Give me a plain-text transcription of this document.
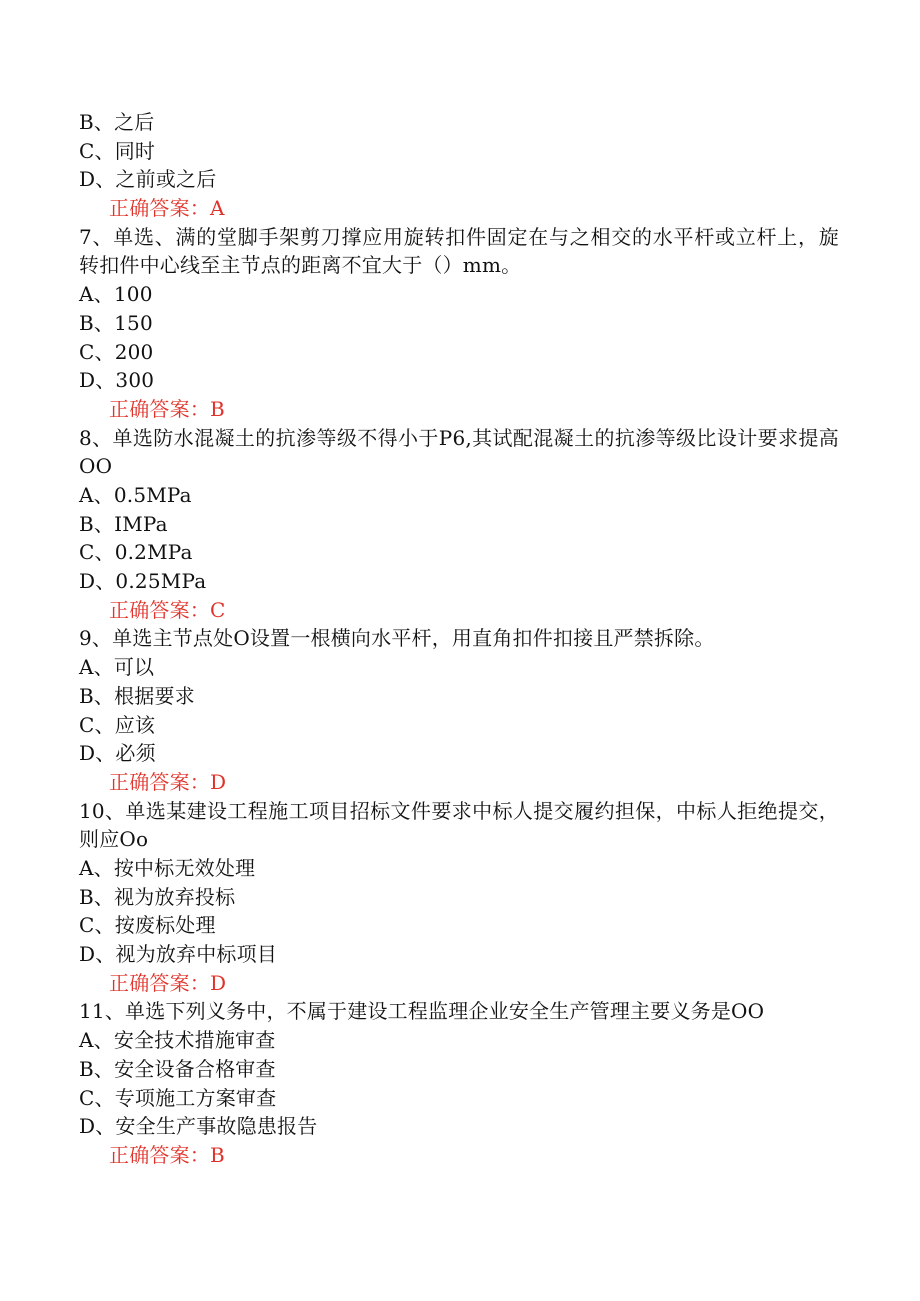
B、之后
C、同时
D、之前或之后
正确答案：A
7、单选、满的堂脚手架剪刀撑应用旋转扣件固定在与之相交的水平杆或立杆上，旋转扣件中心线至主节点的距离不宜大于（）mm。
A、100
B、150
C、200
D、300
正确答案：B
8、单选防水混凝土的抗渗等级不得小于P6,其试配混凝土的抗渗等级比设计要求提高OO
A、0.5MPa
B、IMPa
C、0.2MPa
D、0.25MPa
正确答案：C
9、单选主节点处O设置一根横向水平杆，用直角扣件扣接且严禁拆除。
A、可以
B、根据要求
C、应该
D、必须
正确答案：D
10、单选某建设工程施工项目招标文件要求中标人提交履约担保，中标人拒绝提交，则应Oo
A、按中标无效处理
B、视为放弃投标
C、按废标处理
D、视为放弃中标项目
正确答案：D
11、单选下列义务中，不属于建设工程监理企业安全生产管理主要义务是OO
A、安全技术措施审查
B、安全设备合格审查
C、专项施工方案审查
D、安全生产事故隐患报告
正确答案：B
